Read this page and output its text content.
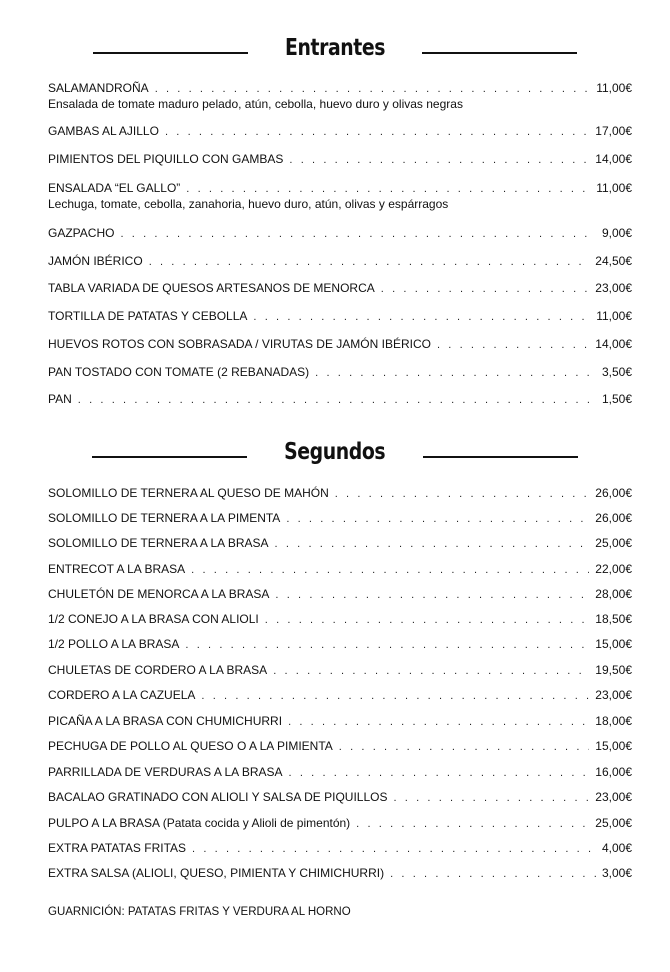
Entrantes
SALAMANDROÑA . . .	11,00€
Ensalada de tomate maduro pelado, atún, cebolla, huevo duro y olivas negras
GAMBAS AL AJILLO . . .	17,00€
PIMIENTOS DEL PIQUILLO CON GAMBAS . . .	14,00€
ENSALADA “EL GALLO” . . .	11,00€
Lechuga, tomate, cebolla, zanahoria, huevo duro, atún, olivas y espárragos
GAZPACHO . . .	9,00€
JAMÓN IBÉRICO . . .	24,50€
TABLA VARIADA DE QUESOS ARTESANOS DE MENORCA . . .	23,00€
TORTILLA DE PATATAS Y CEBOLLA . . .	11,00€
HUEVOS ROTOS CON SOBRASADA / VIRUTAS DE JAMÓN IBÉRICO . . .	14,00€
PAN TOSTADO CON TOMATE (2 REBANADAS) . . .	3,50€
PAN . . .	1,50€
Segundos
SOLOMILLO DE TERNERA AL QUESO DE MAHÓN . . .	26,00€
SOLOMILLO DE TERNERA A LA PIMENTA . . .	26,00€
SOLOMILLO DE TERNERA A LA BRASA . . .	25,00€
ENTRECOT A LA BRASA . . .	22,00€
CHULETÓN DE MENORCA A LA BRASA . . .	28,00€
1/2 CONEJO A LA BRASA CON ALIOLI . . .	18,50€
1/2 POLLO A LA BRASA . . .	15,00€
CHULETAS DE CORDERO A LA BRASA . . .	19,50€
CORDERO A LA CAZUELA . . .	23,00€
PICAÑA A LA BRASA CON CHUMICHURRI . . .	18,00€
PECHUGA DE POLLO AL QUESO O A LA PIMIENTA . . .	15,00€
PARRILLADA DE VERDURAS A LA BRASA . . .	16,00€
BACALAO GRATINADO CON ALIOLI Y SALSA DE PIQUILLOS . . .	23,00€
PULPO A LA BRASA (Patata cocida y Alioli de pimentón) . . .	25,00€
EXTRA PATATAS FRITAS . . .	4,00€
EXTRA SALSA (ALIOLI, QUESO, PIMIENTA Y CHIMICHURRI) . . .	3,00€
GUARNICIÓN: PATATAS FRITAS Y VERDURA AL HORNO
